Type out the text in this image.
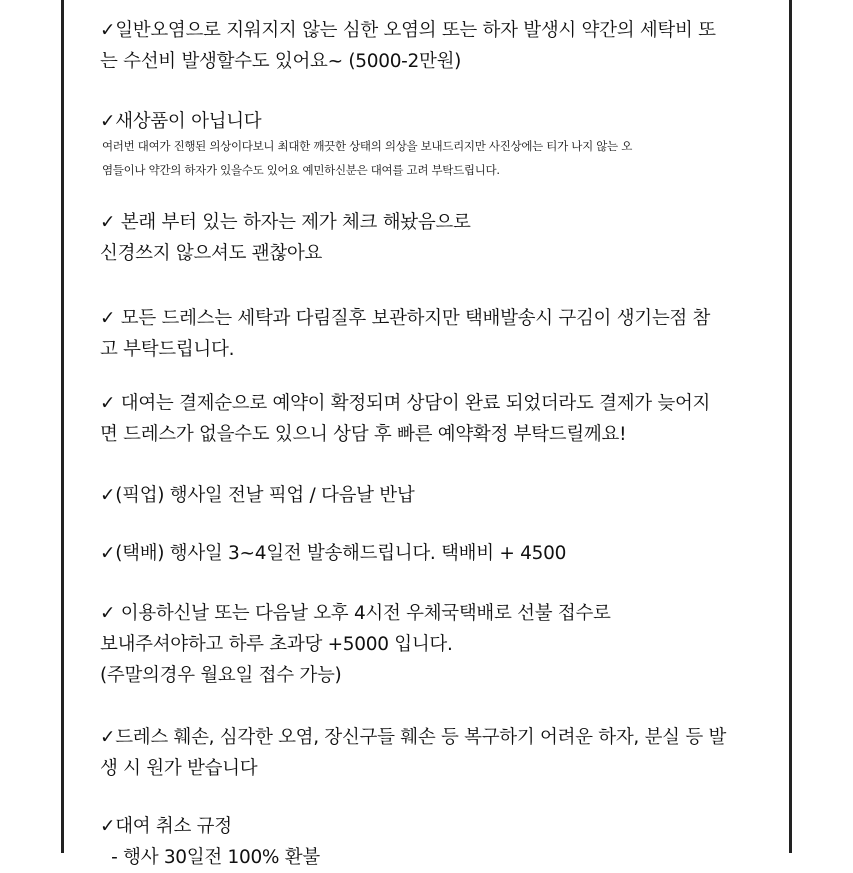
✓일반오염으로 지워지지 않는 심한 오염의 또는 하자 발생시 약간의 세탁비 또

는 수선비 발생할수도 있어요~ (5000-2만원)

✓새상품이 아닙니다

여러번 대여가 진행된 의상이다보니 최대한 깨끗한 상태의 의상을 보내드리지만 사진상에는 티가 나지 않는 오

염들이나 약간의 하자가 있을수도 있어요 예민하신분은 대여를 고려 부탁드립니다.

✓ 본래 부터 있는 하자는 제가 체크 해놨음으로

신경쓰지 않으셔도 괜찮아요

✓ 모든 드레스는 세탁과 다림질후 보관하지만 택배발송시 구김이 생기는점 참

고 부탁드립니다.

✓ 대여는 결제순으로 예약이 확정되며 상담이 완료 되었더라도 결제가 늦어지

면 드레스가 없을수도 있으니 상담 후 빠른 예약확정 부탁드릴께요!

✓(픽업) 행사일 전날 픽업 / 다음날 반납

✓(택배) 행사일 3~4일전 발송해드립니다. 택배비 + 4500

✓ 이용하신날 또는 다음날 오후 4시전 우체국택배로 선불 접수로

보내주셔야하고 하루 초과당 +5000 입니다.

(주말의경우 월요일 접수 가능)

✓드레스 훼손, 심각한 오염, 장신구들 훼손 등 복구하기 어려운 하자, 분실 등 발

생 시 원가 받습니다

✓대여 취소 규정

- 행사 30일전 100% 환불
